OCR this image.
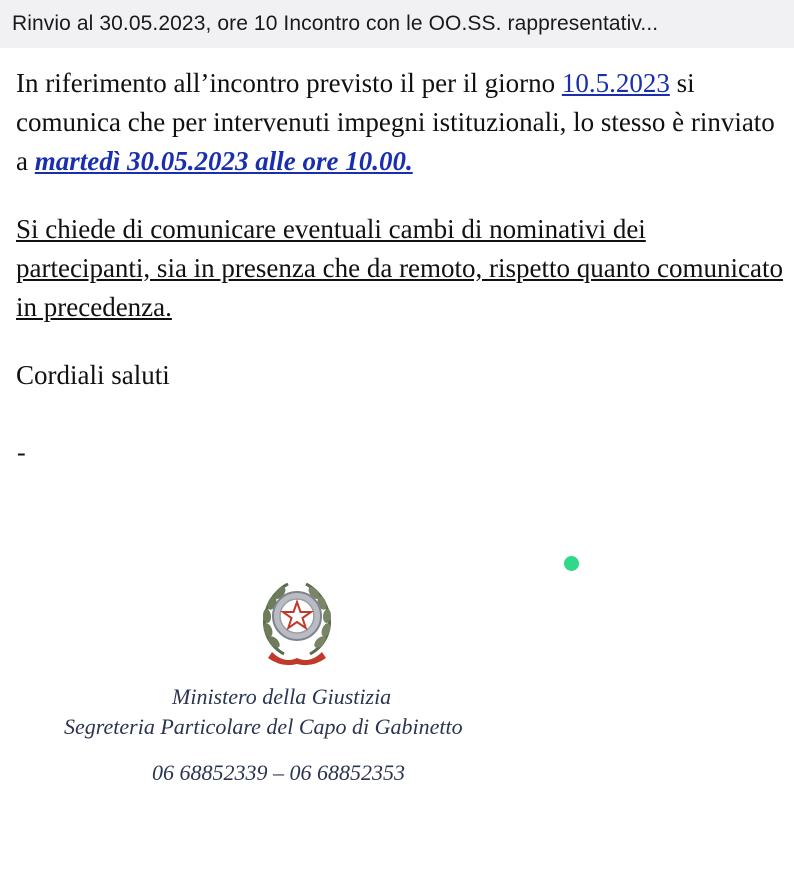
Rinvio al 30.05.2023, ore 10 Incontro con le OO.SS. rappresentativ...

In riferimento all’incontro previsto il per il giorno 10.5.2023 si comunica che per intervenuti impegni istituzionali, lo stesso è rinviato a martedì 30.05.2023 alle ore 10.00.

Si chiede di comunicare eventuali cambi di nominativi dei partecipanti, sia in presenza che da remoto, rispetto quanto comunicato in precedenza.

Cordiali saluti

-
Ministero della Giustizia
Segreteria Particolare del Capo di Gabinetto
06 68852339 – 06 68852353
